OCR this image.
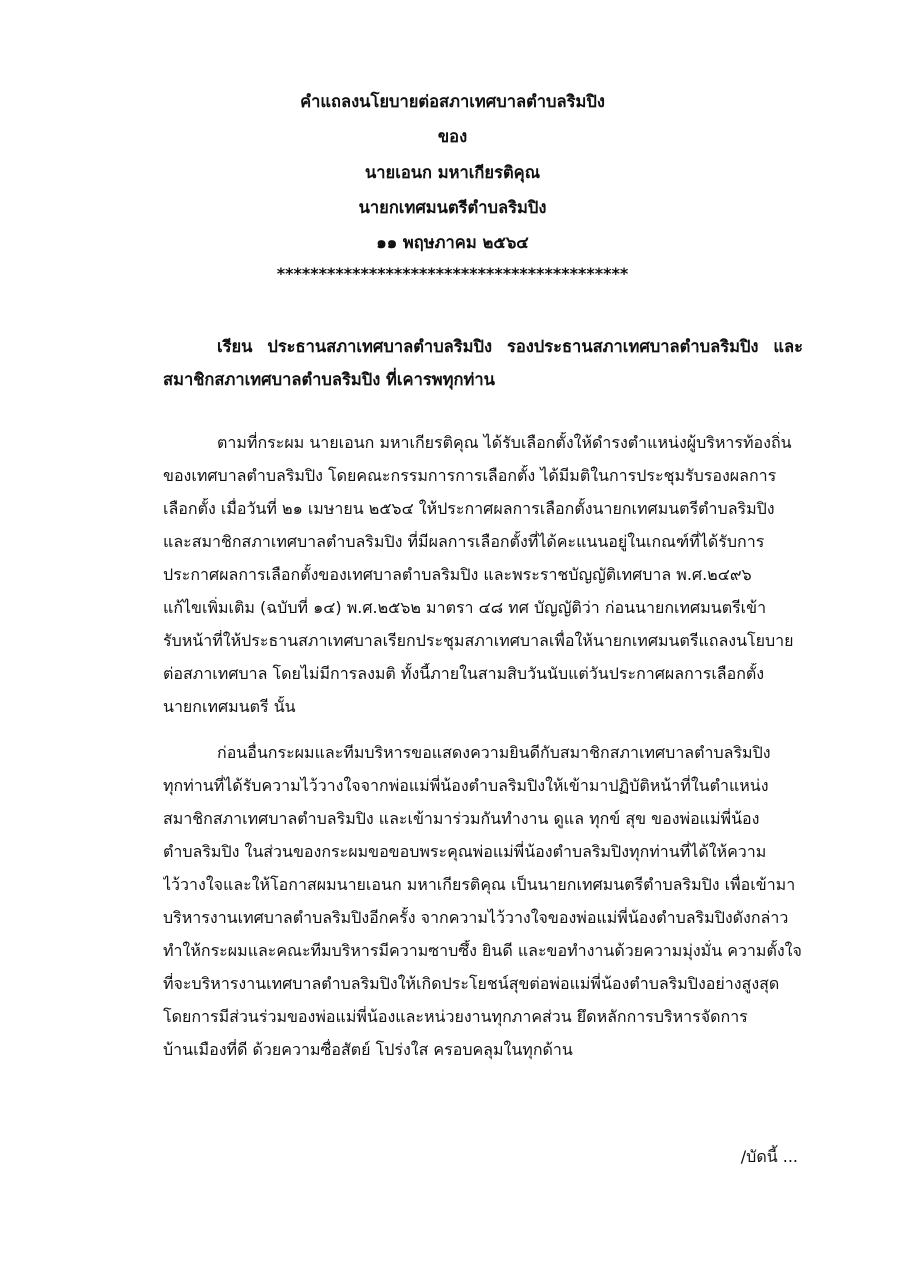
คำแถลงนโยบายต่อสภาเทศบาลตำบลริมปิง
ของ
นายเอนก มหาเกียรติคุณ
นายกเทศมนตรีตำบลริมปิง
๑๑ พฤษภาคม ๒๕๖๔
******************************************
เรียน ประธานสภาเทศบาลตำบลริมปิง รองประธานสภาเทศบาลตำบลริมปิง และสมาชิกสภาเทศบาลตำบลริมปิง ที่เคารพทุกท่าน
ตามที่กระผม นายเอนก มหาเกียรติคุณ ได้รับเลือกตั้งให้ดำรงตำแหน่งผู้บริหารท้องถิ่น
ของเทศบาลตำบลริมปิง โดยคณะกรรมการการเลือกตั้ง ได้มีมติในการประชุมรับรองผลการ
เลือกตั้ง เมื่อวันที่ ๒๑ เมษายน ๒๕๖๔ ให้ประกาศผลการเลือกตั้งนายกเทศมนตรีตำบลริมปิง
และสมาชิกสภาเทศบาลตำบลริมปิง ที่มีผลการเลือกตั้งที่ได้คะแนนอยู่ในเกณฑ์ที่ได้รับการ
ประกาศผลการเลือกตั้งของเทศบาลตำบลริมปิง และพระราชบัญญัติเทศบาล พ.ศ.๒๔๙๖
แก้ไขเพิ่มเติม (ฉบับที่ ๑๔) พ.ศ.๒๕๖๒ มาตรา ๔๘ ทศ บัญญัติว่า ก่อนนายกเทศมนตรีเข้า
รับหน้าที่ให้ประธานสภาเทศบาลเรียกประชุมสภาเทศบาลเพื่อให้นายกเทศมนตรีแถลงนโยบาย
ต่อสภาเทศบาล โดยไม่มีการลงมติ ทั้งนี้ภายในสามสิบวันนับแต่วันประกาศผลการเลือกตั้ง
นายกเทศมนตรี นั้น
ก่อนอื่นกระผมและทีมบริหารขอแสดงความยินดีกับสมาชิกสภาเทศบาลตำบลริมปิง
ทุกท่านที่ได้รับความไว้วางใจจากพ่อแม่พี่น้องตำบลริมปิงให้เข้ามาปฏิบัติหน้าที่ในตำแหน่ง
สมาชิกสภาเทศบาลตำบลริมปิง และเข้ามาร่วมกันทำงาน ดูแล ทุกข์ สุข ของพ่อแม่พี่น้อง
ตำบลริมปิง ในส่วนของกระผมขอขอบพระคุณพ่อแม่พี่น้องตำบลริมปิงทุกท่านที่ได้ให้ความ
ไว้วางใจและให้โอกาสผมนายเอนก มหาเกียรติคุณ เป็นนายกเทศมนตรีตำบลริมปิง เพื่อเข้ามา
บริหารงานเทศบาลตำบลริมปิงอีกครั้ง จากความไว้วางใจของพ่อแม่พี่น้องตำบลริมปิงดังกล่าว
ทำให้กระผมและคณะทีมบริหารมีความซาบซึ้ง ยินดี และขอทำงานด้วยความมุ่งมั่น ความตั้งใจ
ที่จะบริหารงานเทศบาลตำบลริมปิงให้เกิดประโยชน์สุขต่อพ่อแม่พี่น้องตำบลริมปิงอย่างสูงสุด
โดยการมีส่วนร่วมของพ่อแม่พี่น้องและหน่วยงานทุกภาคส่วน ยึดหลักการบริหารจัดการ
บ้านเมืองที่ดี ด้วยความซื่อสัตย์ โปร่งใส ครอบคลุมในทุกด้าน
/บัดนี้ ...
